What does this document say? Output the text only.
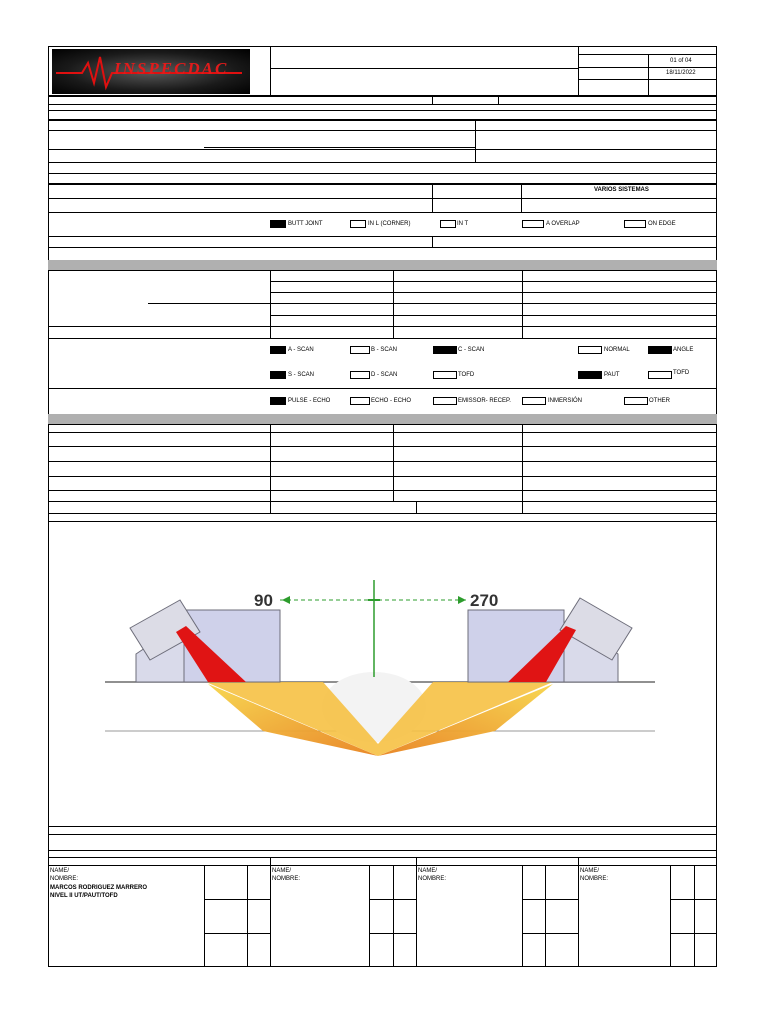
INSPECDAC	01 of 04
18/11/2022
VARIOS SISTEMAS
BUTT JOINT	IN L (CORNER)	IN T	A OVERLAP	ON EDGE
A - SCAN	B - SCAN	C - SCAN	NORMAL	ANGLE
S - SCAN	D - SCAN	TOFD	PAUT	TOFD
PULSE - ECHO	ECHO - ECHO	EMISSOR- RECEP.	INMERSIÓN	OTHER
90	270
NAME/
NOMBRE:
MARCOS RODRIGUEZ MARRERO
NIVEL II UT/PAUT/TOFD
NAME/
NOMBRE:
NAME/
NOMBRE:
NAME/
NOMBRE:
